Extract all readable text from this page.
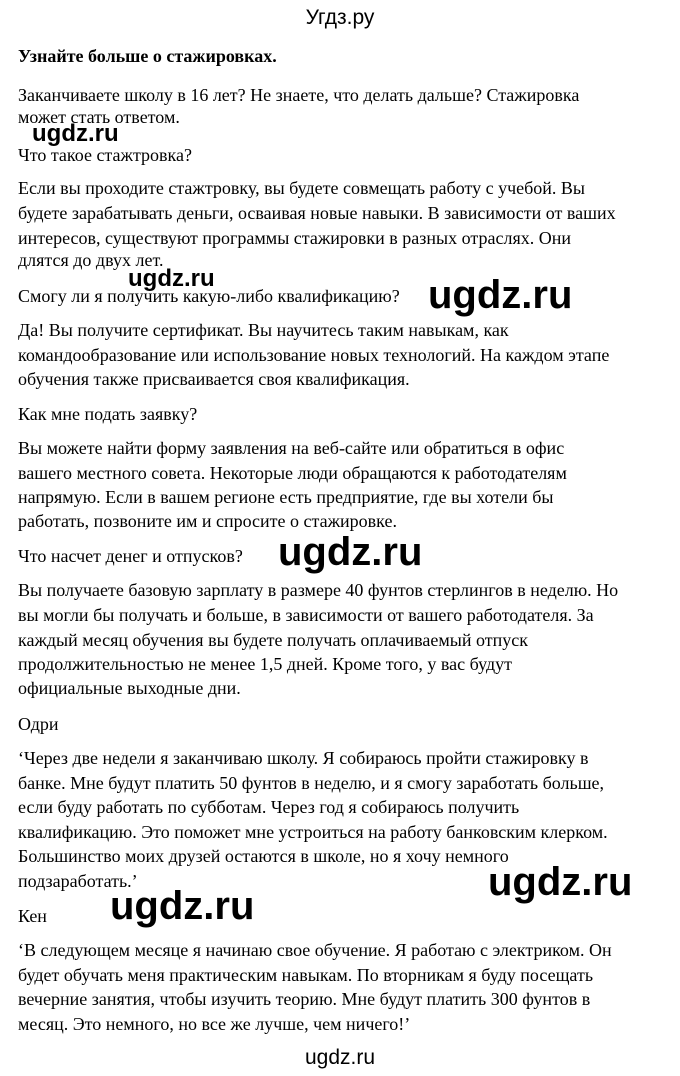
Угдз.ру
Узнайте больше о стажировках.
Заканчиваете школу в 16 лет? Не знаете, что делать дальше? Стажировка
может стать ответом.
Что такое стажтровка?
Если вы проходите стажтровку, вы будете совмещать работу с учебой. Вы
будете зарабатывать деньги, осваивая новые навыки. В зависимости от ваших
интересов, существуют программы стажировки в разных отраслях. Они
длятся до двух лет.
Смогу ли я получить какую-либо квалификацию?
Да! Вы получите сертификат. Вы научитесь таким навыкам, как
командообразование или использование новых технологий. На каждом этапе
обучения также присваивается своя квалификация.
Как мне подать заявку?
Вы можете найти форму заявления на веб-сайте или обратиться в офис
вашего местного совета. Некоторые люди обращаются к работодателям
напрямую. Если в вашем регионе есть предприятие, где вы хотели бы
работать, позвоните им и спросите о стажировке.
Что насчет денег и отпусков?
Вы получаете базовую зарплату в размере 40 фунтов стерлингов в неделю. Но
вы могли бы получать и больше, в зависимости от вашего работодателя. За
каждый месяц обучения вы будете получать оплачиваемый отпуск
продолжительностью не менее 1,5 дней. Кроме того, у вас будут
официальные выходные дни.
Одри
‘Через две недели я заканчиваю школу. Я собираюсь пройти стажировку в
банке. Мне будут платить 50 фунтов в неделю, и я смогу заработать больше,
если буду работать по субботам. Через год я собираюсь получить
квалификацию. Это поможет мне устроиться на работу банковским клерком.
Большинство моих друзей остаются в школе, но я хочу немного
подзаработать.’
Кен
‘В следующем месяце я начинаю свое обучение. Я работаю с электриком. Он
будет обучать меня практическим навыкам. По вторникам я буду посещать
вечерние занятия, чтобы изучить теорию. Мне будут платить 300 фунтов в
месяц. Это немного, но все же лучше, чем ничего!’
ugdz.ru
ugdz.ru	ugdz.ru
ugdz.ru
ugdz.ru
ugdz.ru
ugdz.ru
